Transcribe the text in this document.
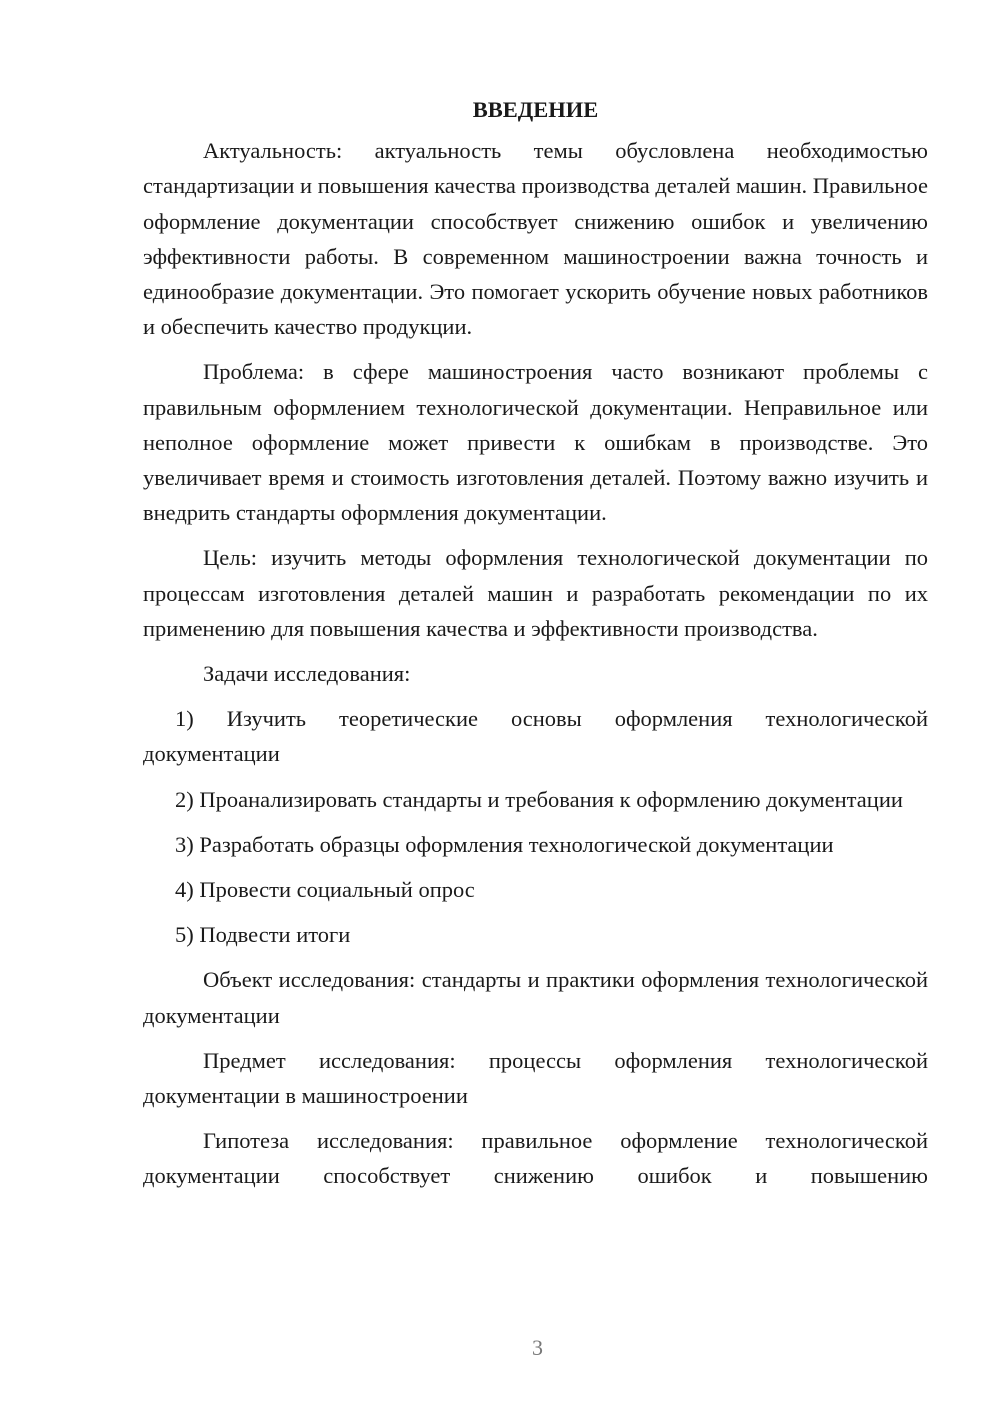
ВВЕДЕНИЕ

Актуальность: актуальность темы обусловлена необходимостью стандартизации и повышения качества производства деталей машин. Правильное оформление документации способствует снижению ошибок и увеличению эффективности работы. В современном машиностроении важна точность и единообразие документации. Это помогает ускорить обучение новых работников и обеспечить качество продукции.

Проблема: в сфере машиностроения часто возникают проблемы с правильным оформлением технологической документации. Неправильное или неполное оформление может привести к ошибкам в производстве. Это увеличивает время и стоимость изготовления деталей. Поэтому важно изучить и внедрить стандарты оформления документации.

Цель: изучить методы оформления технологической документации по процессам изготовления деталей машин и разработать рекомендации по их применению для повышения качества и эффективности производства.

Задачи исследования:

1) Изучить теоретические основы оформления технологической документации

2) Проанализировать стандарты и требования к оформлению документации

3) Разработать образцы оформления технологической документации

4) Провести социальный опрос

5) Подвести итоги

Объект исследования: стандарты и практики оформления технологической документации

Предмет исследования: процессы оформления технологической документации в машиностроении

Гипотеза исследования: правильное оформление технологической документации способствует снижению ошибок и повышению

3
